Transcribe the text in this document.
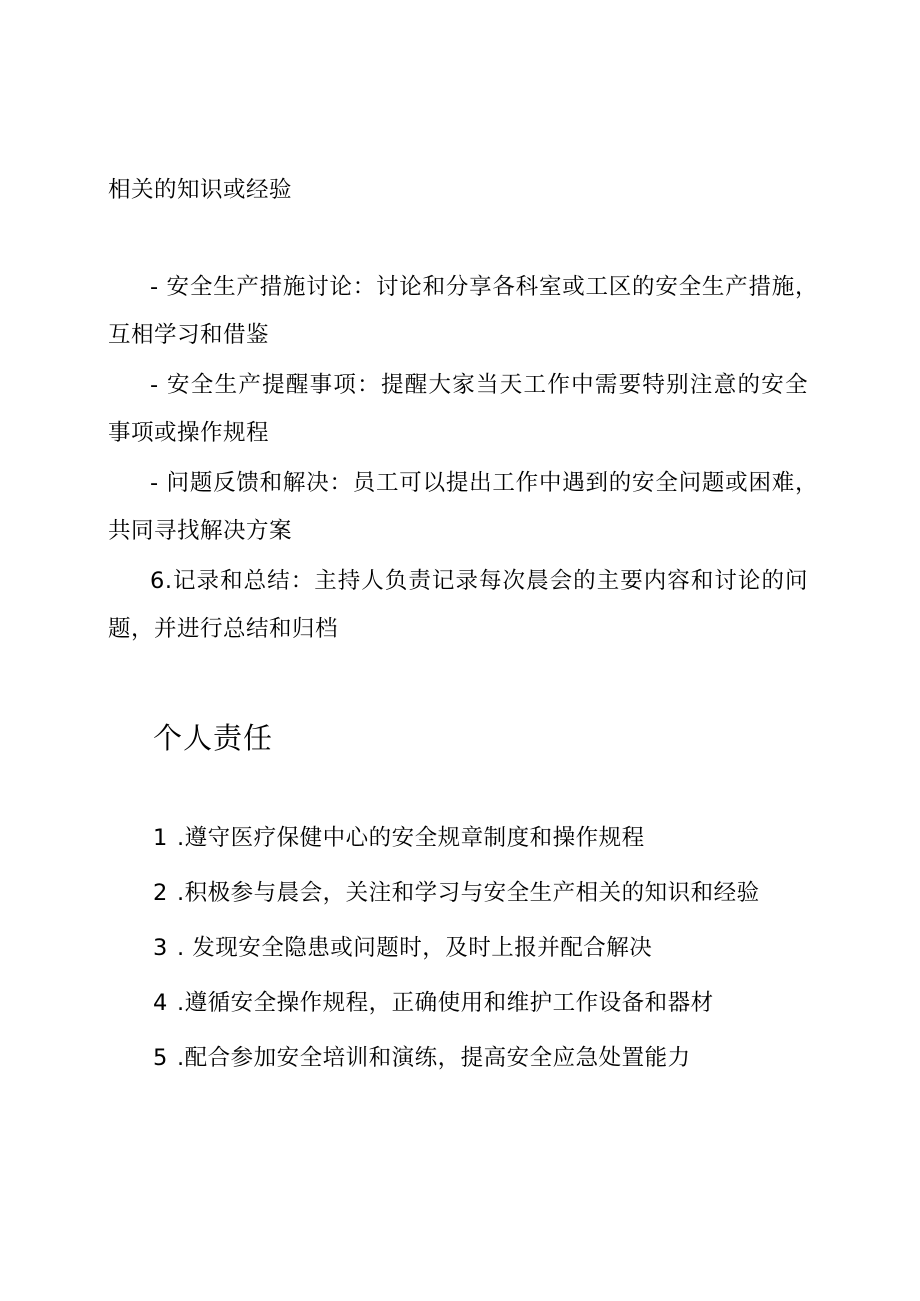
相关的知识或经验
- 安全生产措施讨论：讨论和分享各科室或工区的安全生产措施，
互相学习和借鉴
- 安全生产提醒事项：提醒大家当天工作中需要特别注意的安全
事项或操作规程
- 问题反馈和解决：员工可以提出工作中遇到的安全问题或困难，
共同寻找解决方案
6.记录和总结：主持人负责记录每次晨会的主要内容和讨论的问
题，并进行总结和归档
个人责任
1 .遵守医疗保健中心的安全规章制度和操作规程
2 .积极参与晨会，关注和学习与安全生产相关的知识和经验
3 . 发现安全隐患或问题时，及时上报并配合解决
4 .遵循安全操作规程，正确使用和维护工作设备和器材
5 .配合参加安全培训和演练，提高安全应急处置能力
